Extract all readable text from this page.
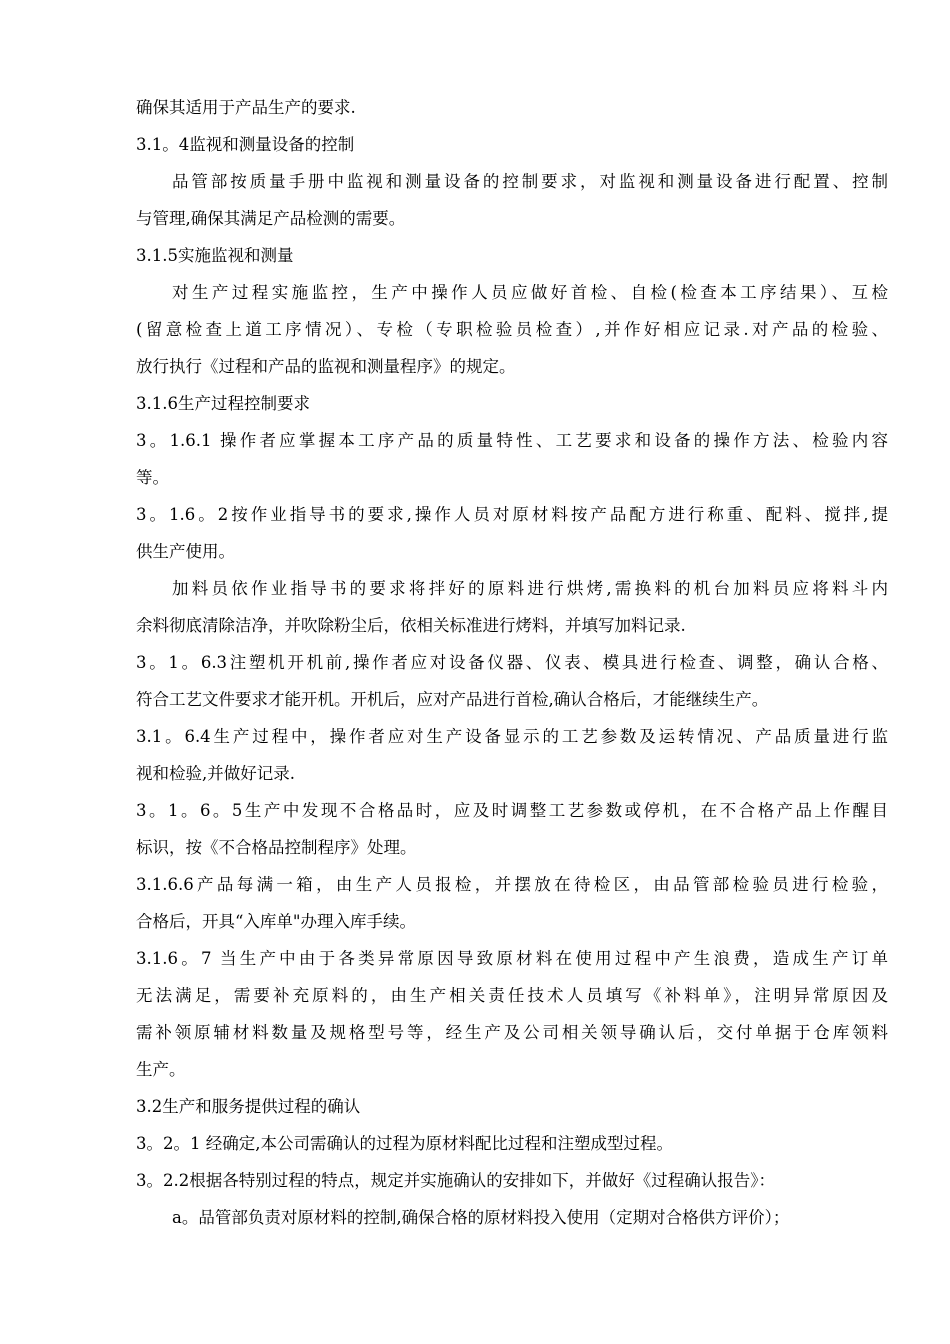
确保其适用于产品生产的要求.
3.1。4监视和测量设备的控制
品管部按质量手册中监视和测量设备的控制要求，对监视和测量设备进行配置、控制
与管理,确保其满足产品检测的需要。
3.1.5实施监视和测量
对生产过程实施监控，生产中操作人员应做好首检、自检(检查本工序结果）、互检
(留意检查上道工序情况）、专检（专职检验员检查）,并作好相应记录.对产品的检验、
放行执行《过程和产品的监视和测量程序》的规定。
3.1.6生产过程控制要求
3。1.6.1 操作者应掌握本工序产品的质量特性、工艺要求和设备的操作方法、检验内容
等。
3。1.6。2按作业指导书的要求,操作人员对原材料按产品配方进行称重、配料、搅拌,提
供生产使用。
加料员依作业指导书的要求将拌好的原料进行烘烤,需换料的机台加料员应将料斗内
余料彻底清除洁净，并吹除粉尘后，依相关标准进行烤料，并填写加料记录.
3。1。6.3注塑机开机前,操作者应对设备仪器、仪表、模具进行检查、调整，确认合格、
符合工艺文件要求才能开机。开机后，应对产品进行首检,确认合格后，才能继续生产。
3.1。6.4生产过程中，操作者应对生产设备显示的工艺参数及运转情况、产品质量进行监
视和检验,并做好记录.
3。1。6。5生产中发现不合格品时，应及时调整工艺参数或停机，在不合格产品上作醒目
标识，按《不合格品控制程序》处理。
3.1.6.6产品每满一箱，由生产人员报检，并摆放在待检区，由品管部检验员进行检验，
合格后，开具“入库单"办理入库手续。
3.1.6。7 当生产中由于各类异常原因导致原材料在使用过程中产生浪费，造成生产订单
无法满足，需要补充原料的，由生产相关责任技术人员填写《补料单》，注明异常原因及
需补领原辅材料数量及规格型号等，经生产及公司相关领导确认后，交付单据于仓库领料
生产。
3.2生产和服务提供过程的确认
3。2。1 经确定,本公司需确认的过程为原材料配比过程和注塑成型过程。
3。2.2根据各特别过程的特点，规定并实施确认的安排如下，并做好《过程确认报告》：
a。品管部负责对原材料的控制,确保合格的原材料投入使用（定期对合格供方评价）；
